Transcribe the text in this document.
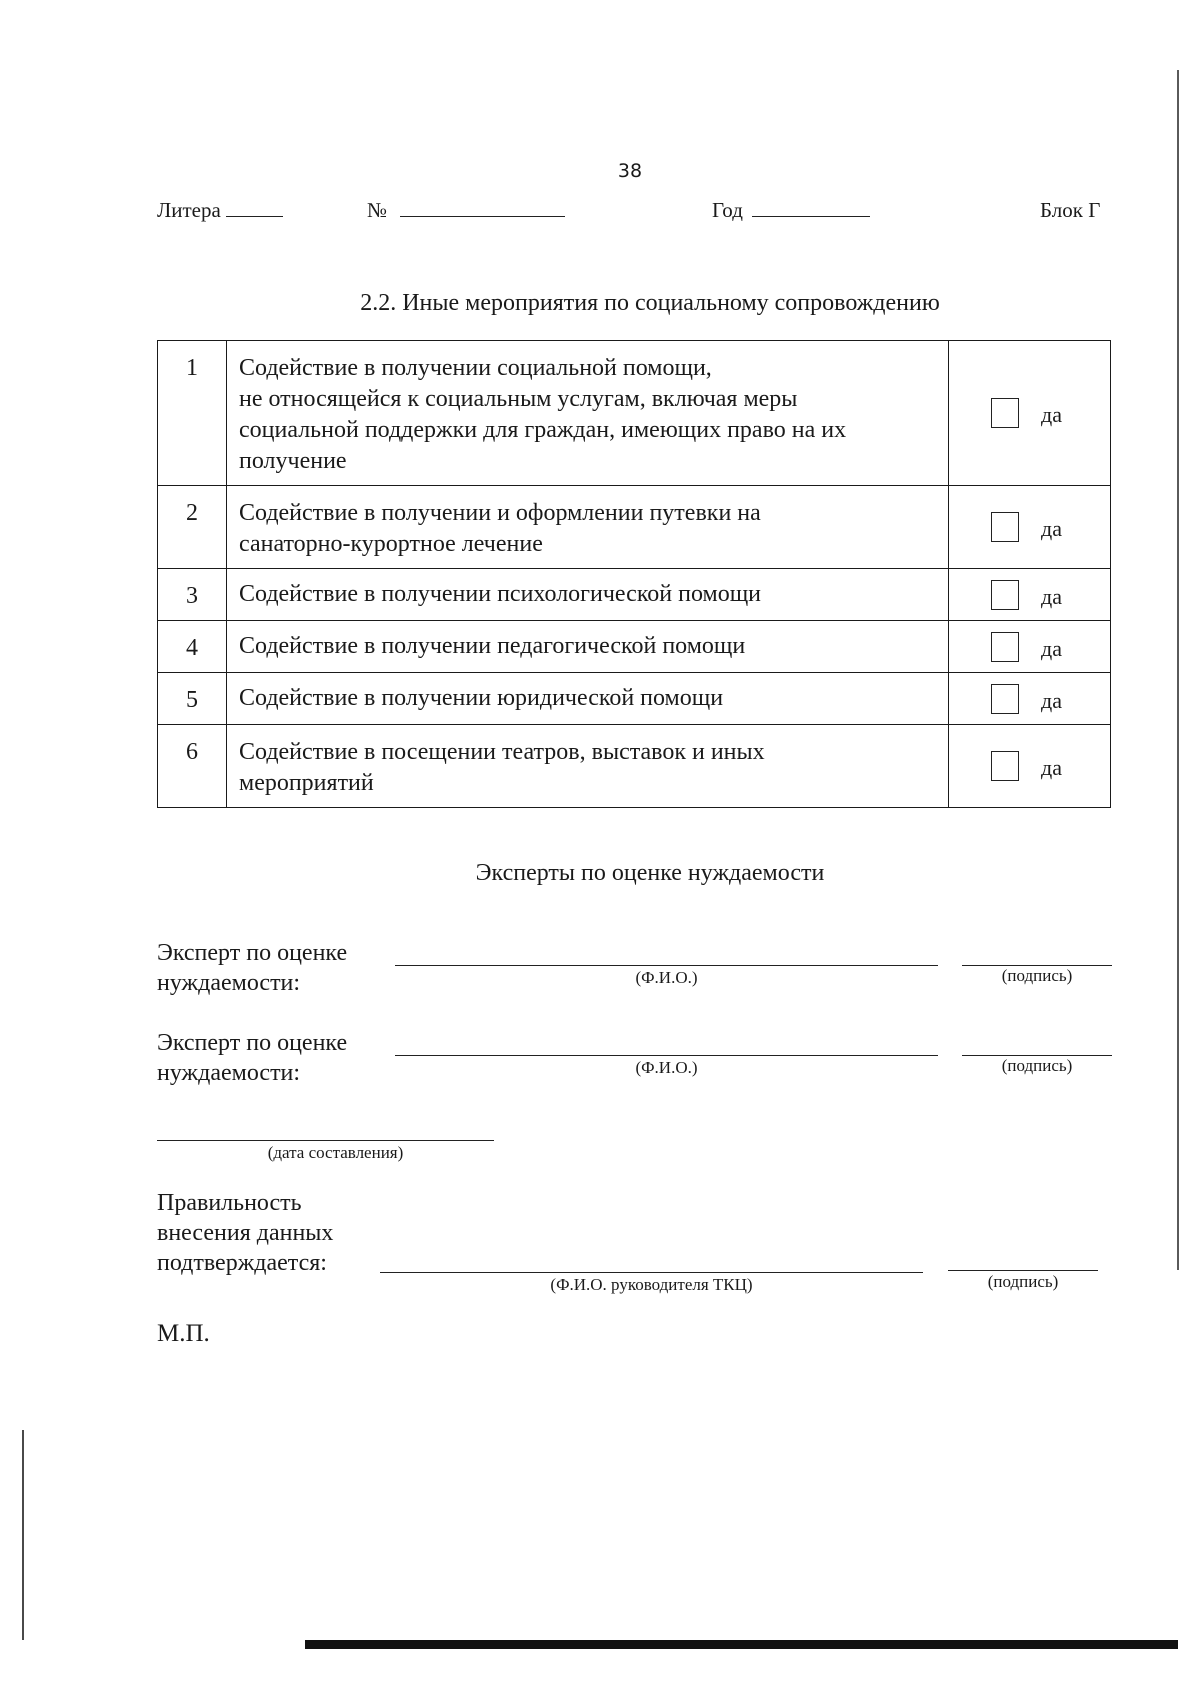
38
Литера	№	Год	Блок Г
2.2. Иные мероприятия по социальному сопровождению
1	Содействие в получении социальной помощи,
не относящейся к социальным услугам, включая меры
социальной поддержки для граждан, имеющих право на их
получение	да

2	Содействие в получении и оформлении путевки на
санаторно-курортное лечение	да

3	Содействие в получении психологической помощи	да

4	Содействие в получении педагогической помощи	да

5	Содействие в получении юридической помощи	да

6	Содействие в посещении театров, выставок и иных
мероприятий	да
Эксперты по оценке нуждаемости
Эксперт по оценке
нуждаемости:	(Ф.И.О.)	(подпись)
Эксперт по оценке
нуждаемости:	(Ф.И.О.)	(подпись)
(дата составления)
Правильность
внесения данных
подтверждается:
(Ф.И.О. руководителя ТКЦ)	(подпись)
М.П.
